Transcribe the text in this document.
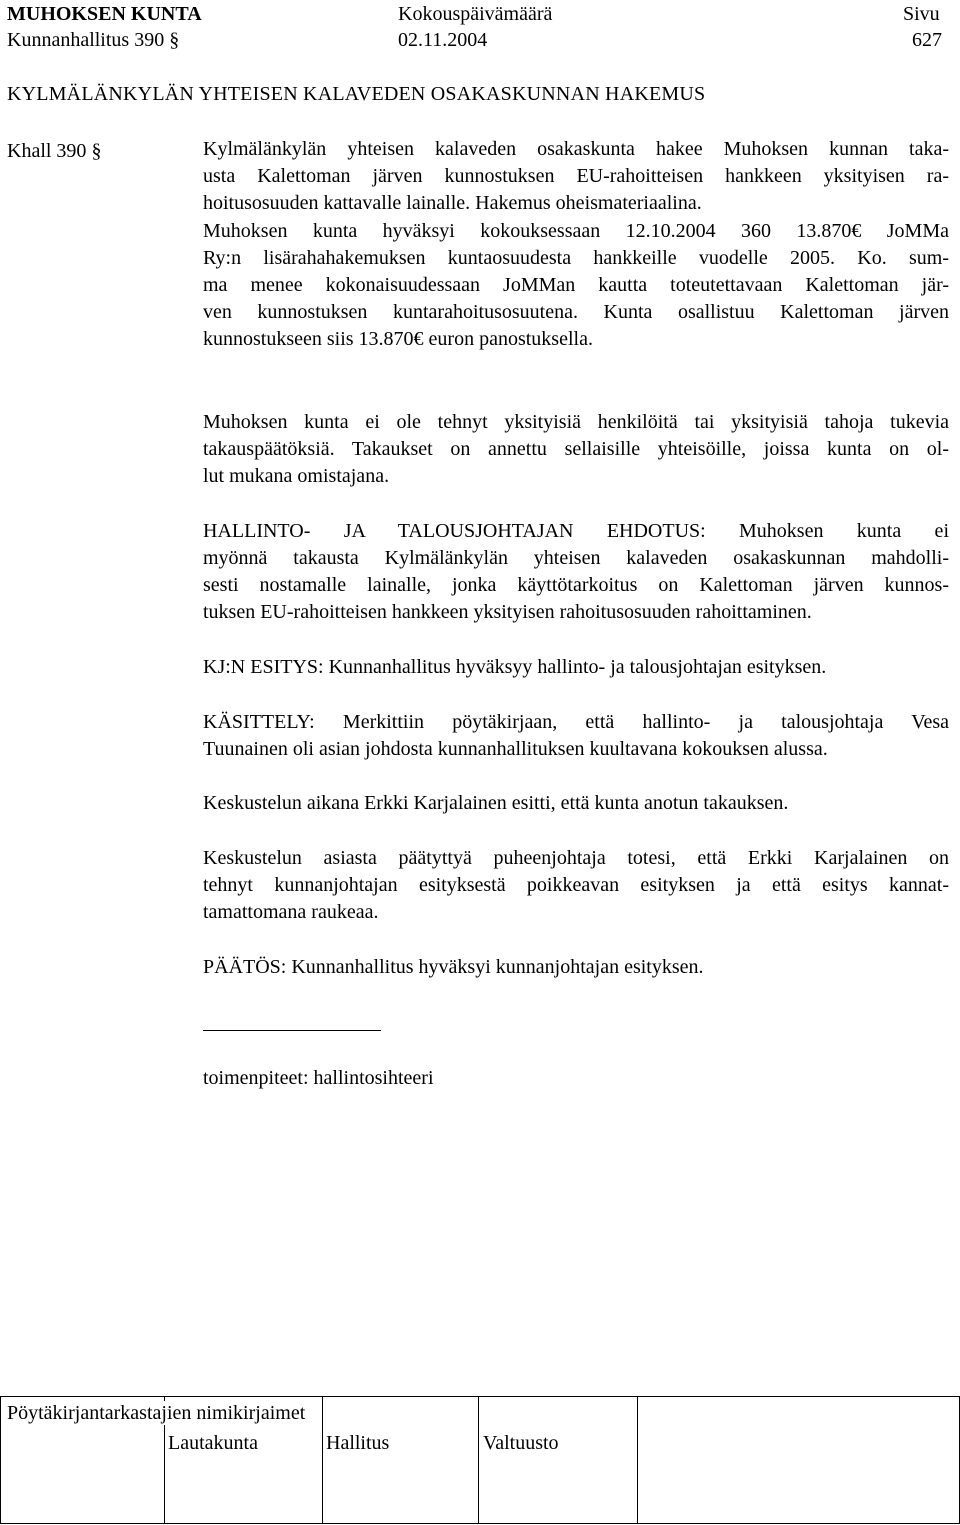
MUHOKSEN KUNTA	Kokouspäivämäärä	Sivu
Kunnanhallitus 390 §	02.11.2004	627
KYLMÄLÄNKYLÄN YHTEISEN KALAVEDEN OSAKASKUNNAN HAKEMUS
Khall 390 §	Kylmälänkylän yhteisen kalaveden osakaskunta hakee Muhoksen kunnan taka-

usta Kalettoman järven kunnostuksen EU-rahoitteisen hankkeen yksityisen ra-

hoitusosuuden kattavalle lainalle. Hakemus oheismateriaalina.

Muhoksen kunta hyväksyi kokouksessaan 12.10.2004 360 13.870€ JoMMa

Ry:n lisärahahakemuksen kuntaosuudesta hankkeille vuodelle 2005. Ko. sum-

ma menee kokonaisuudessaan JoMMan kautta toteutettavaan Kalettoman jär-

ven kunnostuksen kuntarahoitusosuutena. Kunta osallistuu Kalettoman järven

kunnostukseen siis 13.870€ euron panostuksella.

Muhoksen kunta ei ole tehnyt yksityisiä henkilöitä tai yksityisiä tahoja tukevia

takauspäätöksiä. Takaukset on annettu sellaisille yhteisöille, joissa kunta on ol-

lut mukana omistajana.

HALLINTO- JA TALOUSJOHTAJAN EHDOTUS: Muhoksen kunta ei

myönnä takausta Kylmälänkylän yhteisen kalaveden osakaskunnan mahdolli-

sesti nostamalle lainalle, jonka käyttötarkoitus on Kalettoman järven kunnos-

tuksen EU-rahoitteisen hankkeen yksityisen rahoitusosuuden rahoittaminen.

KJ:N ESITYS: Kunnanhallitus hyväksyy hallinto- ja talousjohtajan esityksen.

KÄSITTELY: Merkittiin pöytäkirjaan, että hallinto- ja talousjohtaja Vesa

Tuunainen oli asian johdosta kunnanhallituksen kuultavana kokouksen alussa.

Keskustelun aikana Erkki Karjalainen esitti, että kunta anotun takauksen.

Keskustelun asiasta päätyttyä puheenjohtaja totesi, että Erkki Karjalainen on

tehnyt kunnanjohtajan esityksestä poikkeavan esityksen ja että esitys kannat-

tamattomana raukeaa.

PÄÄTÖS: Kunnanhallitus hyväksyi kunnanjohtajan esityksen.

toimenpiteet: hallintosihteeri
Pöytäkirjantarkastajien nimikirjaimet
Lautakunta	Hallitus	Valtuusto
